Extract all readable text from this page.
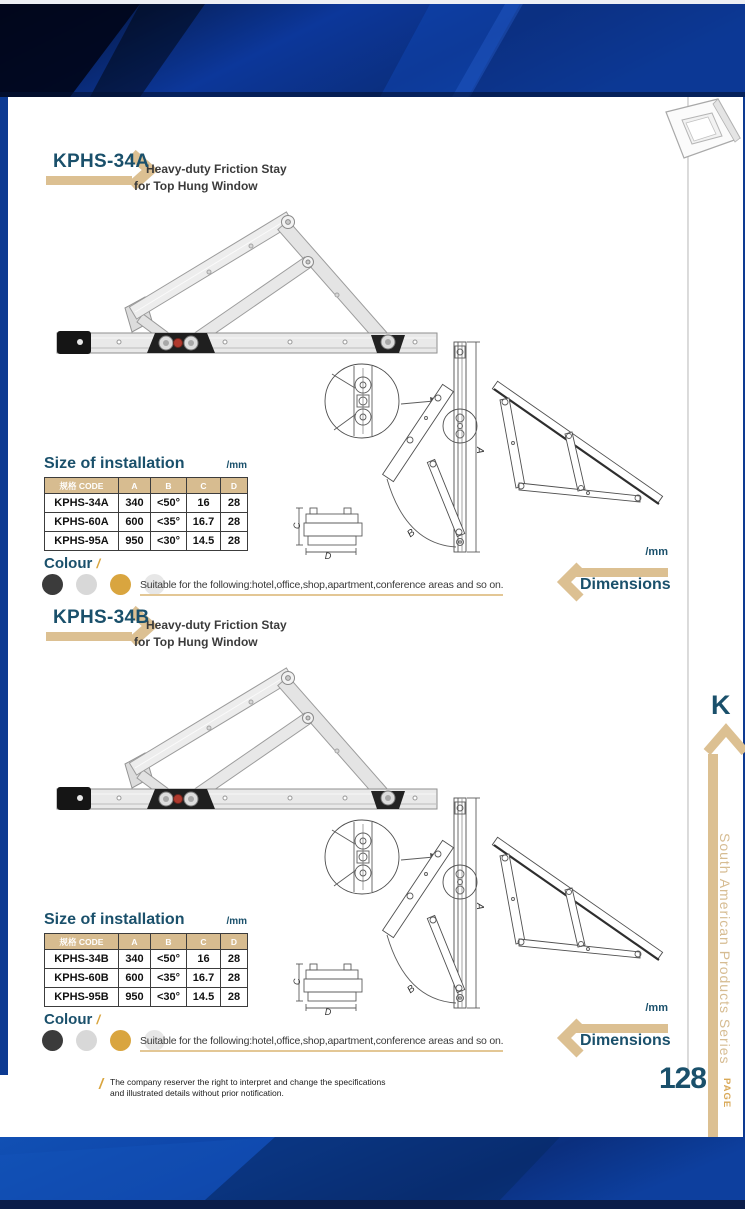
KPHS-34A
Heavy-duty Friction Stay
for Top Hung Window
A
B
C
D
Size of installation	/mm
规格 CODE	A	B	C	D
KPHS-34A	340	<50°	16	28
KPHS-60A	600	<35°	16.7	28
KPHS-95A	950	<30°	14.5	28
Colour /
Suitable for the following:hotel,office,shop,apartment,conference areas and so on.
/mm
Dimensions
KPHS-34B
Heavy-duty Friction Stay
for Top Hung Window
A
B
C
D
Size of installation	/mm
规格 CODE	A	B	C	D
KPHS-34B	340	<50°	16	28
KPHS-60B	600	<35°	16.7	28
KPHS-95B	950	<30°	14.5	28
Colour /
Suitable for the following:hotel,office,shop,apartment,conference areas and so on.
/mm
Dimensions
K
South American Products Series
PAGE
128
/ The company reserver the right to interpret and change the specifications
and illustrated details without prior notification.
